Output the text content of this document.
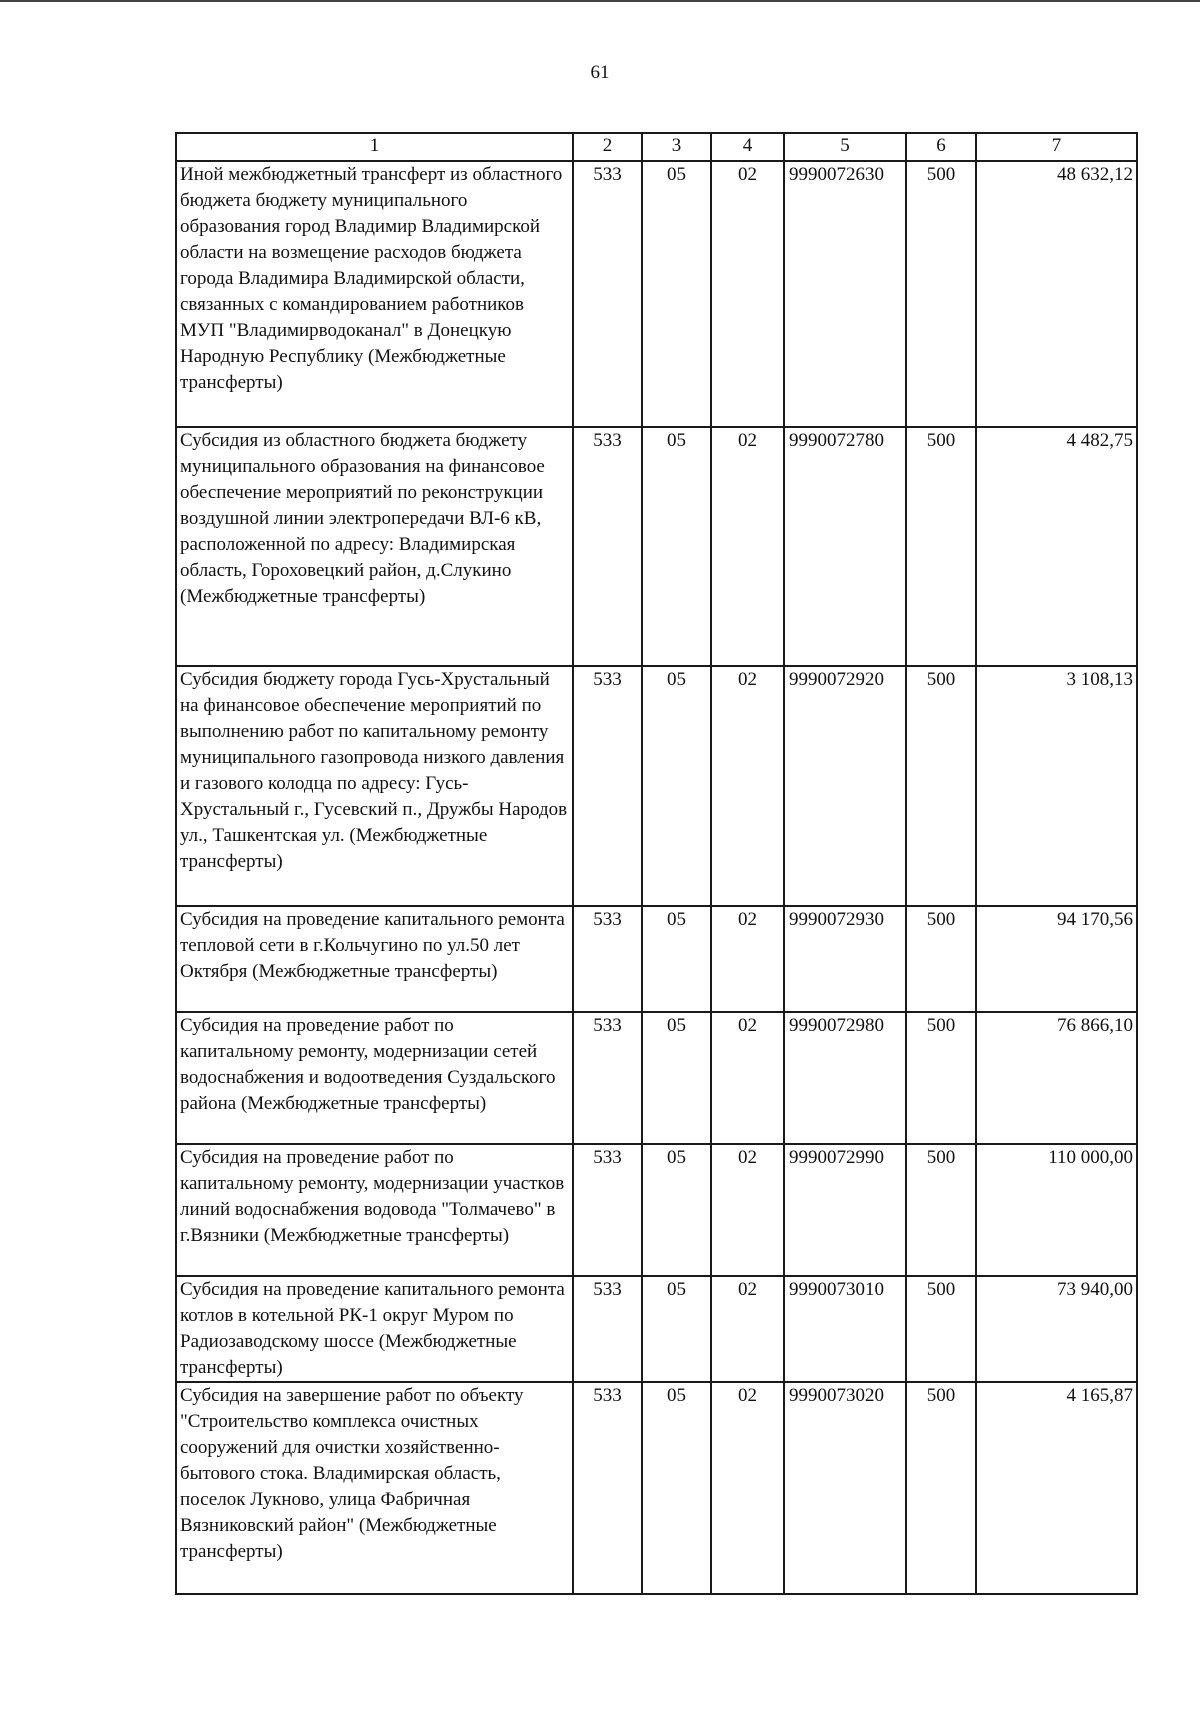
61
1	2	3	4	5	6	7
Иной межбюджетный трансферт из областного бюджета бюджету муниципального образования город Владимир Владимирской области на возмещение расходов бюджета города Владимира Владимирской области, связанных с командированием работников МУП "Владимирводоканал" в Донецкую Народную Республику (Межбюджетные трансферты)	533	05	02	9990072630	500	48 632,12
Субсидия из областного бюджета бюджету муниципального образования на финансовое обеспечение мероприятий по реконструкции воздушной линии электропередачи ВЛ-6 кВ, расположенной по адресу: Владимирская область, Гороховецкий район, д.Слукино (Межбюджетные трансферты)	533	05	02	9990072780	500	4 482,75
Субсидия бюджету города Гусь-Хрустальный на финансовое обеспечение мероприятий по выполнению работ по капитальному ремонту муниципального газопровода низкого давления и газового колодца по адресу: Гусь-Хрустальный г., Гусевский п., Дружбы Народов ул., Ташкентская ул. (Межбюджетные трансферты)	533	05	02	9990072920	500	3 108,13
Субсидия на проведение капитального ремонта тепловой сети в г.Кольчугино по ул.50 лет Октября (Межбюджетные трансферты)	533	05	02	9990072930	500	94 170,56
Субсидия на проведение работ по капитальному ремонту, модернизации сетей водоснабжения и водоотведения Суздальского района (Межбюджетные трансферты)	533	05	02	9990072980	500	76 866,10
Субсидия на проведение работ по капитальному ремонту, модернизации участков линий водоснабжения водовода "Толмачево" в г.Вязники (Межбюджетные трансферты)	533	05	02	9990072990	500	110 000,00
Субсидия на проведение капитального ремонта котлов в котельной РК-1 округ Муром по Радиозаводскому шоссе (Межбюджетные трансферты)	533	05	02	9990073010	500	73 940,00
Субсидия на завершение работ по объекту "Строительство комплекса очистных сооружений для очистки хозяйственно-бытового стока. Владимирская область, поселок Лукново, улица Фабричная Вязниковский район" (Межбюджетные трансферты)	533	05	02	9990073020	500	4 165,87
